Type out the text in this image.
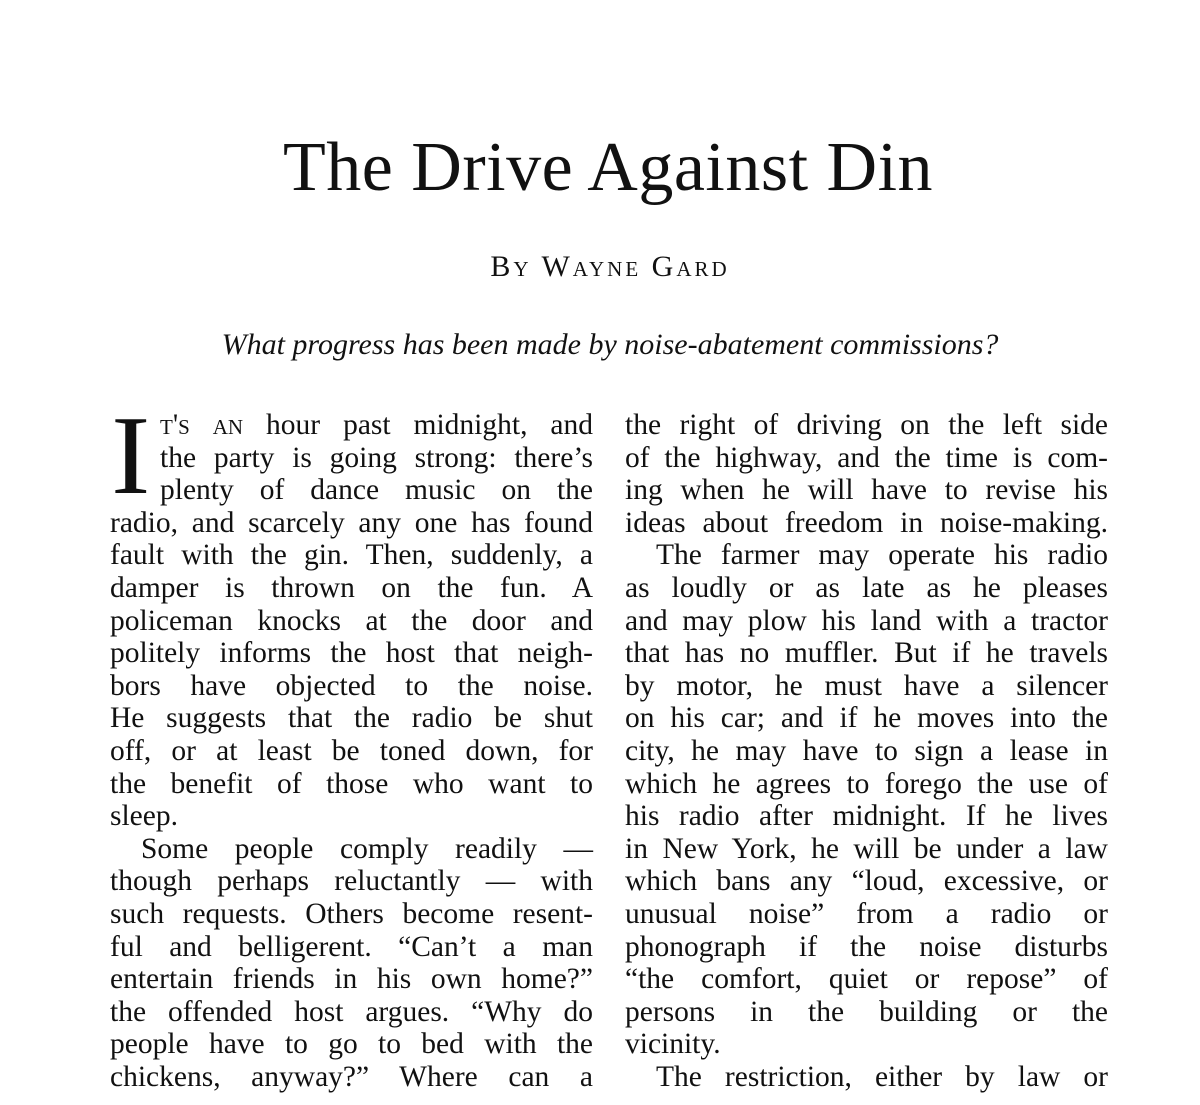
The Drive Against Din
By Wayne Gard
What progress has been made by noise-abatement commissions?
I t's an hour past midnight, and
the party is going strong: there’s
plenty of dance music on the
radio, and scarcely any one has found
fault with the gin. Then, suddenly, a
damper is thrown on the fun. A
policeman knocks at the door and
politely informs the host that neigh-
bors have objected to the noise.
He suggests that the radio be shut
off, or at least be toned down, for
the benefit of those who want to
sleep.
Some people comply readily —
though perhaps reluctantly — with
such requests. Others become resent-
ful and belligerent. “Can’t a man
entertain friends in his own home?”
the offended host argues. “Why do
people have to go to bed with the
chickens, anyway?” Where can a
the right of driving on the left side
of the highway, and the time is com-
ing when he will have to revise his
ideas about freedom in noise-making.
The farmer may operate his radio
as loudly or as late as he pleases
and may plow his land with a tractor
that has no muffler. But if he travels
by motor, he must have a silencer
on his car; and if he moves into the
city, he may have to sign a lease in
which he agrees to forego the use of
his radio after midnight. If he lives
in New York, he will be under a law
which bans any “loud, excessive, or
unusual noise” from a radio or
phonograph if the noise disturbs
“the comfort, quiet or repose” of
persons in the building or the
vicinity.
The restriction, either by law or
